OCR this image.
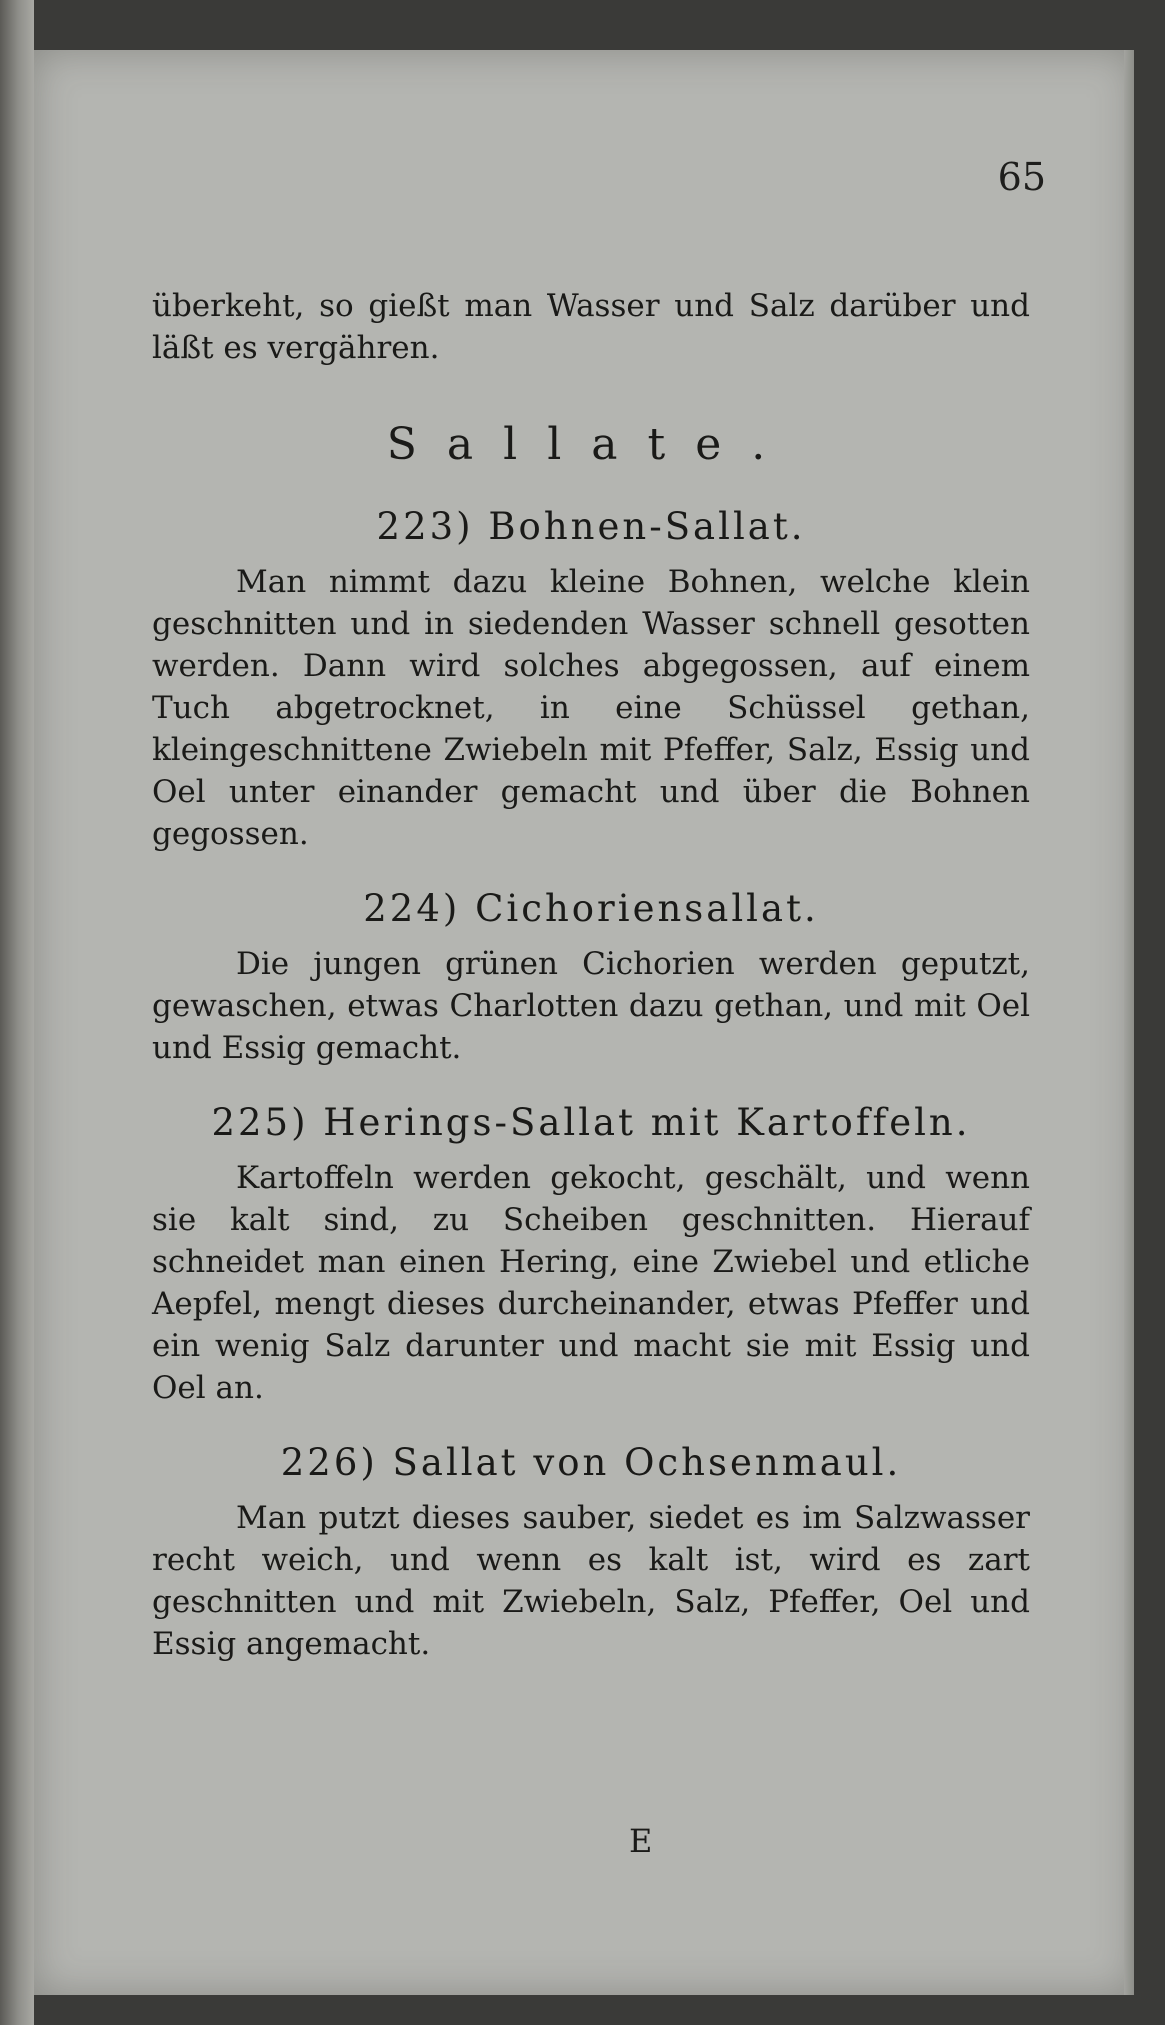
65

überkeht, so gießt man Wasser und Salz darüber und läßt es vergähren.

Sallate.
223) Bohnen-Sallat.

Man nimmt dazu kleine Bohnen, welche klein geschnitten und in siedenden Wasser schnell gesotten werden. Dann wird solches abgegossen, auf einem Tuch abgetrocknet, in eine Schüssel gethan, kleingeschnittene Zwiebeln mit Pfeffer, Salz, Essig und Oel unter einander gemacht und über die Bohnen gegossen.

224) Cichoriensallat.

Die jungen grünen Cichorien werden geputzt, gewaschen, etwas Charlotten dazu gethan, und mit Oel und Essig gemacht.

225) Herings-Sallat mit Kartoffeln.

Kartoffeln werden gekocht, geschält, und wenn sie kalt sind, zu Scheiben geschnitten. Hierauf schneidet man einen Hering, eine Zwiebel und etliche Aepfel, mengt dieses durcheinander, etwas Pfeffer und ein wenig Salz darunter und macht sie mit Essig und Oel an.

226) Sallat von Ochsenmaul.

Man putzt dieses sauber, siedet es im Salzwasser recht weich, und wenn es kalt ist, wird es zart geschnitten und mit Zwiebeln, Salz, Pfeffer, Oel und Essig angemacht.

E
